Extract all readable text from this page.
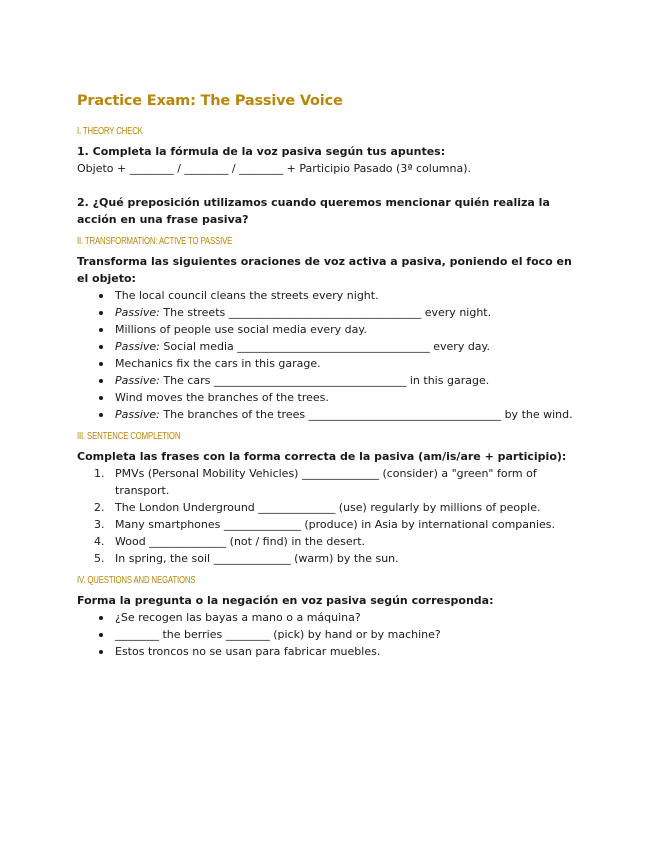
Practice Exam: The Passive Voice
I. THEORY CHECK

1. Completa la fórmula de la voz pasiva según tus apuntes:

Objeto + ________ / ________ / ________ + Participio Pasado (3ª columna).

2. ¿Qué preposición utilizamos cuando queremos mencionar quién realiza la acción en una frase pasiva?

II. TRANSFORMATION: ACTIVE TO PASSIVE

Transforma las siguientes oraciones de voz activa a pasiva, poniendo el foco en el objeto:

The local council cleans the streets every night.
Passive: The streets ___________________________________ every night.
Millions of people use social media every day.
Passive: Social media ___________________________________ every day.
Mechanics fix the cars in this garage.
Passive: The cars ___________________________________ in this garage.
Wind moves the branches of the trees.
Passive: The branches of the trees ___________________________________ by the wind.
III. SENTENCE COMPLETION

Completa las frases con la forma correcta de la pasiva (am/is/are + participio):

1. PMVs (Personal Mobility Vehicles) ______________ (consider) a "green" form of transport.
2. The London Underground ______________ (use) regularly by millions of people.
3. Many smartphones ______________ (produce) in Asia by international companies.
4. Wood ______________ (not / find) in the desert.
5. In spring, the soil ______________ (warm) by the sun.
IV. QUESTIONS AND NEGATIONS

Forma la pregunta o la negación en voz pasiva según corresponda:

¿Se recogen las bayas a mano o a máquina?
________ the berries ________ (pick) by hand or by machine?
Estos troncos no se usan para fabricar muebles.
